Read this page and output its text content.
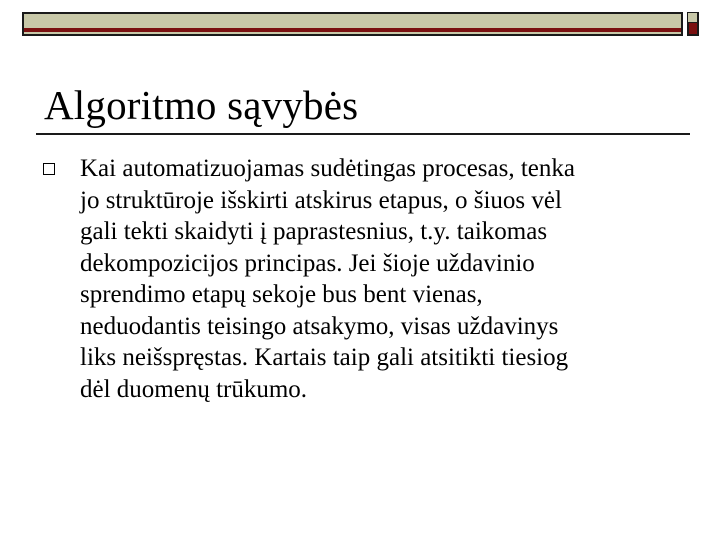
Algoritmo sąvybės
Kai automatizuojamas sudėtingas procesas, tenka
jo struktūroje išskirti atskirus etapus, o šiuos vėl
gali tekti skaidyti į paprastesnius, t.y. taikomas
dekompozicijos principas. Jei šioje uždavinio
sprendimo etapų sekoje bus bent vienas,
neduodantis teisingo atsakymo, visas uždavinys
liks neišspręstas. Kartais taip gali atsitikti tiesiog
dėl duomenų trūkumo.
